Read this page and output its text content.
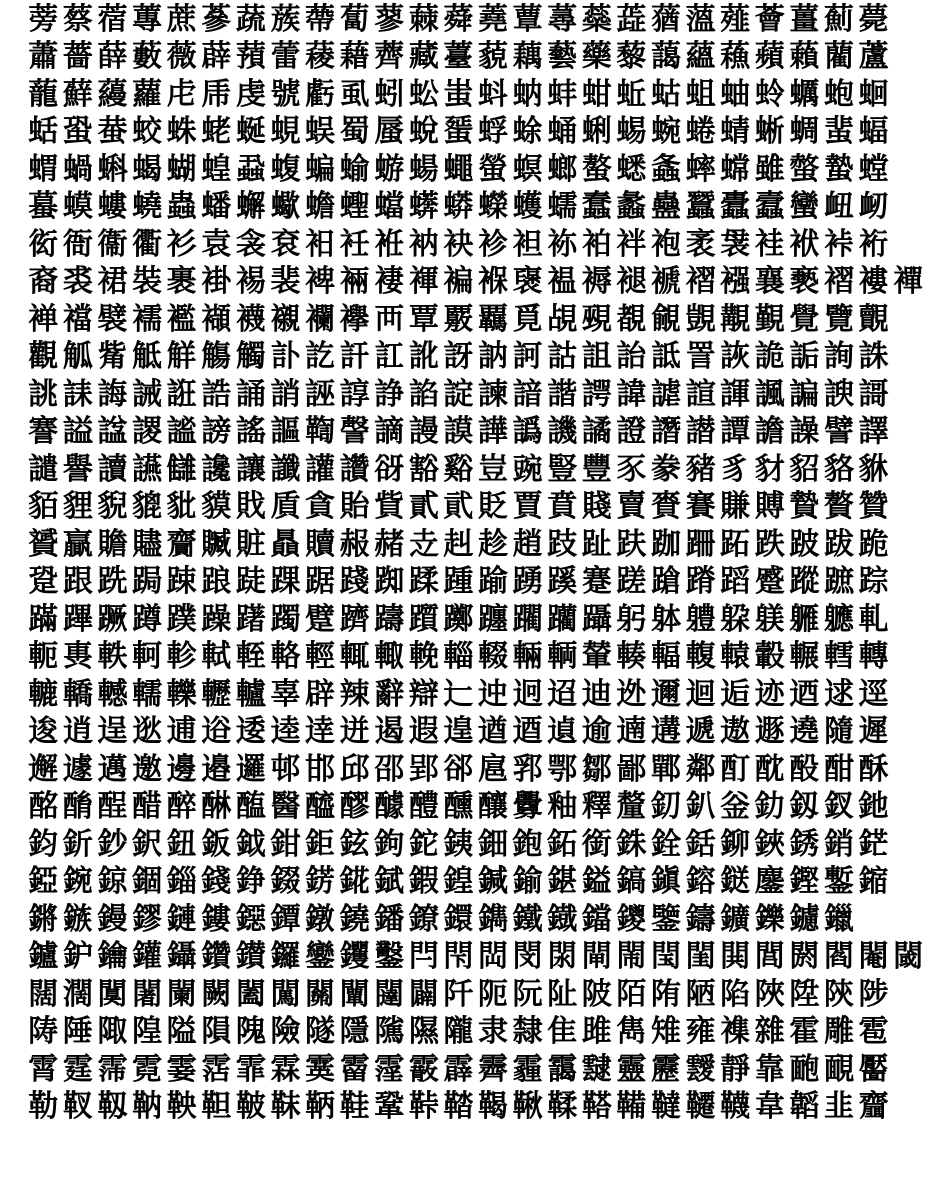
蒡 蔡 蓿 蓴 蔗 蔘 蔬 蔟 蔕 蔔 蓼 蕀 蕣 蕘 蕈 蕁 蘂 蕋 蕕 薀 薤 薈 薑 薊 薨
蕭 薔 薛 藪 薇 薜 蕷 蕾 薐 藉 薺 藏 薹 藐 藕 藝 藥 藜 藹 蘊 蘓 蘋 藾 藺 蘆
蘢 蘚 蘰 蘿 虍 乕 虔 號 虧 虱 蚓 蚣 蚩 蚪 蚋 蚌 蚶 蚯 蛄 蛆 蚰 蛉 蠣 蚫 蛔
蛞 蛩 蛬 蛟 蛛 蛯 蜒 蜆 蜈 蜀 蜃 蛻 蜑 蜉 蜍 蛹 蜊 蜴 蜿 蜷 蜻 蜥 蜩 蜚 蝠
蝟 蝸 蝌 蝎 蝴 蝗 蝨 蝮 蝙 蝓 蝣 蝪 蠅 螢 螟 螂 螯 蟋 螽 蟀 蟐 雖 螫 蟄 螳
蟇 蟆 螻 蟯 蟲 蟠 蠏 蠍 蟾 蟶 蟷 蠎 蟒 蠑 蠖 蠕 蠢 蠡 蠱 蠶 蠹 蠧 蠻 衄 衂
衒 衙 衞 衢 衫 袁 衾 袞 衵 衽 袵 衲 袂 袗 袒 袮 袙 袢 袍 袤 袰 袿 袱 裃 裄
裔 裘 裙 裝 裹 褂 裼 裴 裨 裲 褄 褌 褊 褓 襃 褞 褥 褪 褫 褶 襁 襄 褻 褶 褸 襌
褝 襠 襞 襦 襤 襭 襪 襯 襴 襷 襾 覃 覈 覊 覓 覘 覡 覩 覦 覬 覯 覲 覺 覽 覿
觀 觚 觜 觝 觧 觴 觸 訃 訖 訐 訌 訛 訝 訥 訶 詁 詛 詒 詆 詈 詼 詭 詬 詢 誅
誂 誄 誨 誡 誑 誥 誦 誚 誣 諄 諍 諂 諚 諫 諳 諧 諤 諱 謔 諠 諢 諷 諞 諛 謌
謇 謚 諡 謖 謐 謗 謠 謳 鞫 謦 謫 謾 謨 譁 譌 譏 譎 證 譖 譛 譚 譫 譟 譬 譯
譴 譽 讀 讌 讎 讒 讓 讖 讙 讚 谺 豁 谿 豈 豌 豎 豐 豕 豢 豬 豸 豺 貂 貉 貅
貊 貍 貎 貔 豼 貘 戝 貭 貪 貽 貲 貳 貮 貶 賈 賁 賤 賣 賚 賽 賺 賻 贄 贅 贊
贇 贏 贍 贐 齎 贓 賍 贔 贖 赧 赭 赱 赳 趁 趙 跂 趾 趺 跏 跚 跖 跌 跛 跋 跪
跫 跟 跣 跼 踈 踉 跿 踝 踞 踐 踟 蹂 踵 踰 踴 蹊 蹇 蹉 蹌 蹐 蹈 蹙 蹤 蹠 踪
蹣 蹕 蹶 蹲 蹼 躁 躇 躅 躄 躋 躊 躓 躑 躔 躙 躪 躡 躬 躰 軆 躱 躾 軅 軈 軋
軛 軣 軼 軻 軫 軾 輊 輅 輕 輒 輙 輓 輜 輟 輛 輌 輦 輳 輻 輹 轅 轂 輾 轌 轉
轆 轎 轗 轜 轢 轣 轤 辜 辟 辣 辭 辯 辷 迚 迥 迢 迪 迯 邇 迴 逅 迹 迺 逑 逕
逡 逍 逞 逖 逋 逧 逶 逵 逹 迸 遏 遐 遑 遒 逎 遉 逾 遖 遘 遞 遨 遯 遶 隨 遲
邂 遽 邁 邀 邊 邉 邏 邨 邯 邱 邵 郢 郤 扈 郛 鄂 鄒 鄙 鄲 鄰 酊 酖 酘 酣 酥
酩 酳 酲 醋 醉 醂 醢 醫 醯 醪 醵 醴 醺 釀 釁 釉 釋 釐 釖 釟 釡 釛 釼 釵 釶
鈞 釿 鈔 鈬 鈕 鈑 鉞 鉗 鉅 鉉 鉤 鉈 銕 鈿 鉋 鉐 銜 銖 銓 銛 鉚 鋏 銹 銷 鋩
錏 鋺 鍄 錮 錙 錢 錚 錣 錺 錵 錻 鍜 鍠 鍼 鍮 鍖 鎰 鎬 鎭 鎔 鎹 鏖 鏗 鏨 鏥
鏘 鏃 鏝 鏐 鏈 鏤 鐚 鐔 鐓 鐃 鐇 鐐 鐶 鐫 鐵 鐡 鐺 鑁 鑒 鑄 鑛 鑠 鑢 鑞
鑪 鈩 鑰 鑵 鑷 鑽 鑚 鑼 鑾 钁 鑿 閂 閇 閊 閔 閖 閘 閙 閠 閨 閧 閭 閼 閻 閹 閾
闊 濶 闃 闍 闌 闕 闔 闖 關 闡 闥 闢 阡 阨 阮 阯 陂 陌 陏 陋 陷 陜 陞 陝 陟
陦 陲 陬 隍 隘 隕 隗 險 隧 隱 隲 隰 隴 隶 隸 隹 雎 雋 雉 雍 襍 雜 霍 雕 雹
霄 霆 霈 霓 霎 霑 霏 霖 霙 霤 霪 霰 霹 霽 霾 靄 靆 靈 靂 靉 靜 靠 靤 靦 靨
勒 靫 靱 靹 鞅 靼 鞁 靺 鞆 鞋 鞏 鞐 鞜 鞨 鞦 鞣 鞳 鞴 韃 韆 韈 韋 韜 韭 齏
